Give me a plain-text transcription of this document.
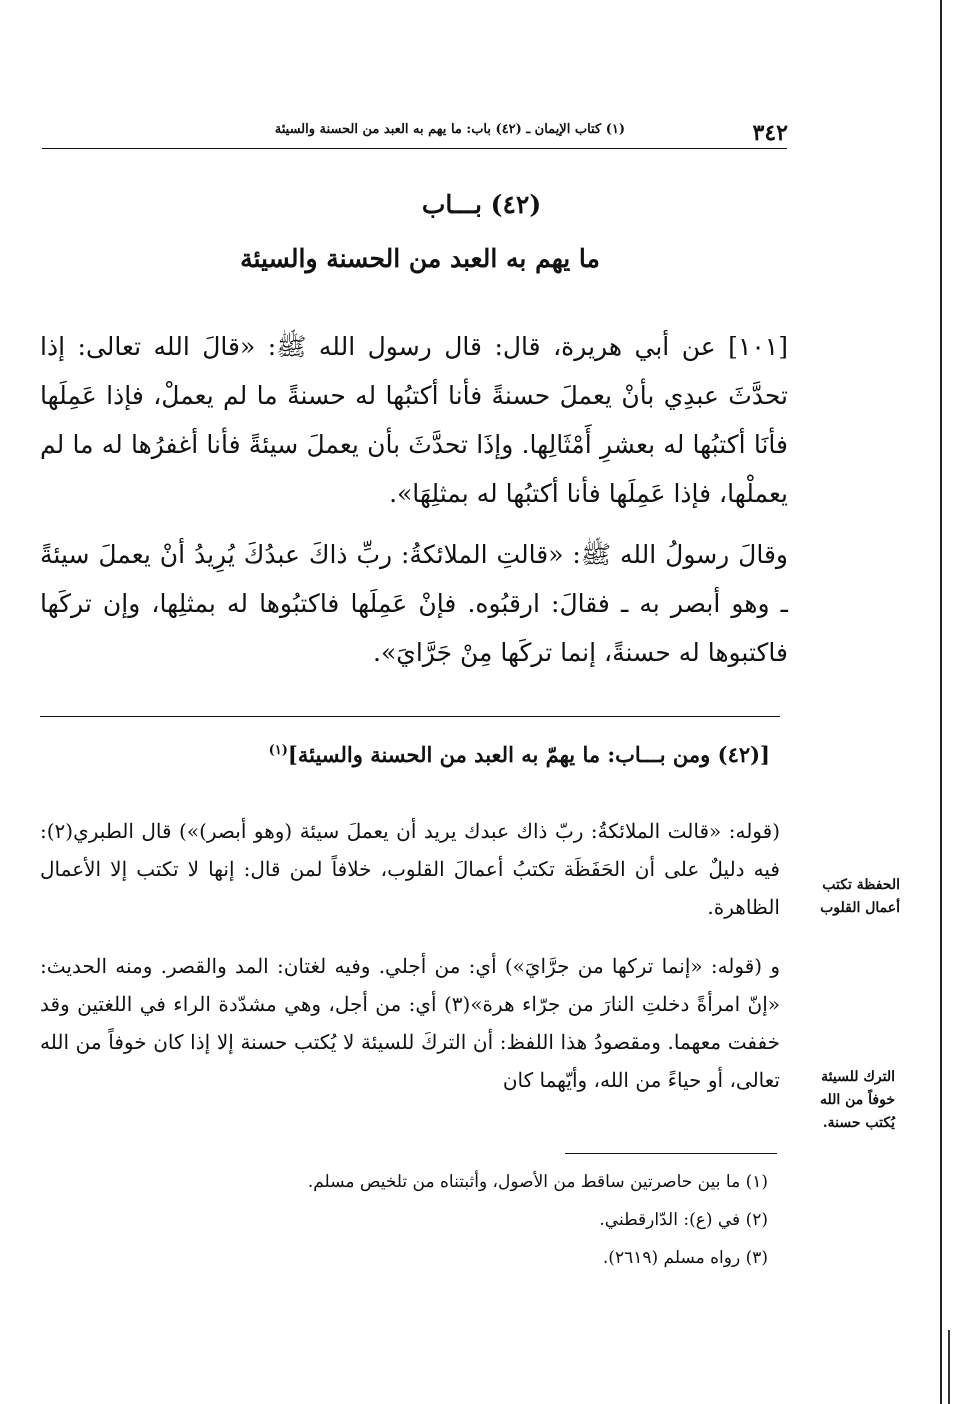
٣٤٢
(١) كتاب الإيمان ـ (٤٢) باب: ما يهم به العبد من الحسنة والسيئة
(٤٢) بـــاب
ما يهم به العبد من الحسنة والسيئة
[١٠١] عن أبي هريرة، قال: قال رسول الله ﷺ: «قالَ الله تعالى: إذا تحدَّثَ عبدِي بأنْ يعملَ حسنةً فأنا أكتبُها له حسنةً ما لم يعملْ، فإذا عَمِلَها فأنَا أكتبُها له بعشرِ أَمْثَالِها. وإذَا تحدَّثَ بأن يعملَ سيئةً فأنا أغفرُها له ما لم يعملْها، فإذا عَمِلَها فأنا أكتبُها له بمثلِهَا».
وقالَ رسولُ الله ﷺ: «قالتِ الملائكةُ: ربِّ ذاكَ عبدُكَ يُرِيدُ أنْ يعملَ سيئةً ـ وهو أبصر به ـ فقالَ: ارقبُوه. فإنْ عَمِلَها فاكتبُوها له بمثلِها، وإن تركَها فاكتبوها له حسنةً، إنما تركَها مِنْ جَرَّايَ».
[(٤٢) ومن بـــاب: ما يهمّ به العبد من الحسنة والسيئة]$^{(١)}$
(قوله: «قالت الملائكةُ: ربّ ذاك عبدك يريد أن يعملَ سيئة (وهو أبصر)») قال الطبري(٢): فيه دليلٌ على أن الحَفَظَة تكتبُ أعمالَ القلوب، خلافاً لمن قال: إنها لا تكتب إلا الأعمال الظاهرة.
و (قوله: «إنما تركها من جرَّايَ») أي: من أجلي. وفيه لغتان: المد والقصر. ومنه الحديث: «إنّ امرأةً دخلتِ النارَ من جرّاء هرة»(٣) أي: من أجل، وهي مشدّدة الراء في اللغتين وقد خففت معهما. ومقصودُ هذا اللفظ: أن التركَ للسيئة لا يُكتب حسنة إلا إذا كان خوفاً من الله تعالى، أو حياءً من الله، وأيّهما كان
الحفظة تكتب أعمال القلوب
الترك للسيئة خوفاً من الله يُكتب حسنة.
(١) ما بين حاصرتين ساقط من الأصول، وأثبتناه من تلخيص مسلم.
(٢) في (ع): الدّارقطني.
(٣) رواه مسلم (٢٦١٩).
